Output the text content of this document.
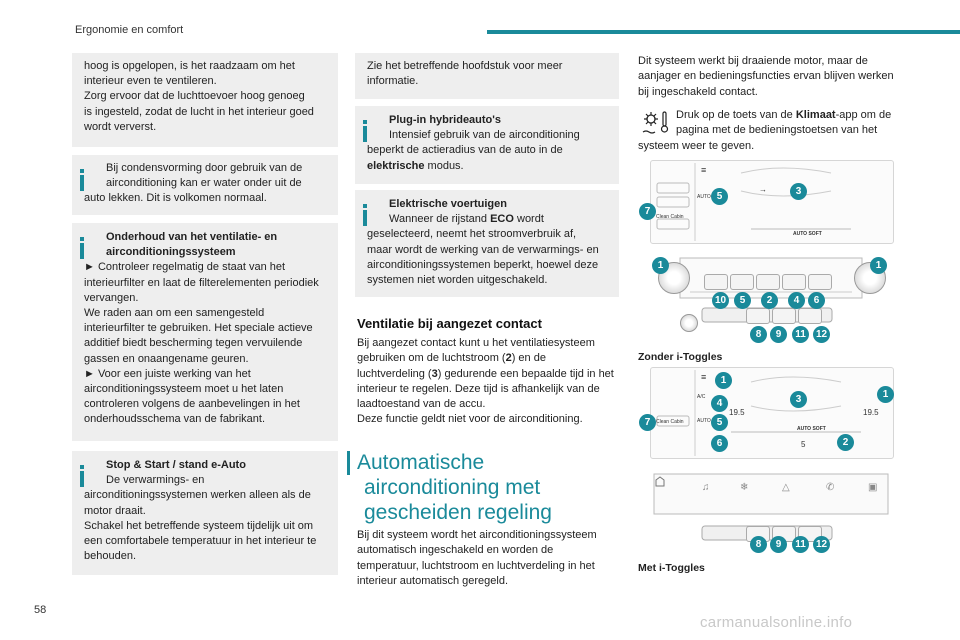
Ergonomie en comfort

hoog is opgelopen, is het raadzaam om het

interieur even te ventileren.

Zorg ervoor dat de luchttoevoer hoog genoeg

is ingesteld, zodat de lucht in het interieur goed

wordt ververst.

Bij condensvorming door gebruik van de

airconditioning kan er water onder uit de

auto lekken. Dit is volkomen normaal.

Onderhoud van het ventilatie- en

airconditioningssysteem

► Controleer regelmatig de staat van het

interieurfilter en laat de filterelementen periodiek

vervangen.

We raden aan om een samengesteld

interieurfilter te gebruiken. Het speciale actieve

additief biedt bescherming tegen vervuilende

gassen en onaangename geuren.

► Voor een juiste werking van het

airconditioningssysteem moet u het laten

controleren volgens de aanbevelingen in het

onderhoudsschema van de fabrikant.

Stop & Start / stand e-Auto

De verwarmings- en

airconditioningssystemen werken alleen als de

motor draait.

Schakel het betreffende systeem tijdelijk uit om

een comfortabele temperatuur in het interieur te

behouden.

Zie het betreffende hoofdstuk voor meer

informatie.

Plug-in hybrideauto's

Intensief gebruik van de airconditioning

beperkt de actieradius van de auto in de

elektrische modus.

Elektrische voertuigen

Wanneer de rijstand ECO wordt

geselecteerd, neemt het stroomverbruik af,

maar wordt de werking van de verwarmings- en

airconditioningssystemen beperkt, hoewel deze

systemen niet worden uitgeschakeld.

Ventilatie bij aangezet contact

Bij aangezet contact kunt u het ventilatiesysteem

gebruiken om de luchtstroom (2) en de

luchtverdeling (3) gedurende een bepaalde tijd in het

interieur te regelen. Deze tijd is afhankelijk van de

laadtoestand van de accu.

Deze functie geldt niet voor de airconditioning.

Automatische
airconditioning met
gescheiden regeling

Bij dit systeem wordt het airconditioningssysteem

automatisch ingeschakeld en worden de

temperatuur, luchtstroom en luchtverdeling in het

interieur automatisch geregeld.

Dit systeem werkt bij draaiende motor, maar de

aanjager en bedieningsfuncties ervan blijven werken

bij ingeschakeld contact.

Druk op de toets van de Klimaat-app om de

pagina met de bedieningstoetsen van het

systeem weer te geven.

≡
AUTO
Clean Cabin
AUTO SOFT
→
5	3
7
1	1
10	5	2	4	6
8	9	11	12
Zonder i-Toggles
≡
A/C
AUTO
Clean Cabin
19.5	19.5
AUTO SOFT
5
1
1
4
5
3
6	2
7
♫	❄	△	✆	▣
8	9	11	12
Met i-Toggles
58
carmanualsonline.info
